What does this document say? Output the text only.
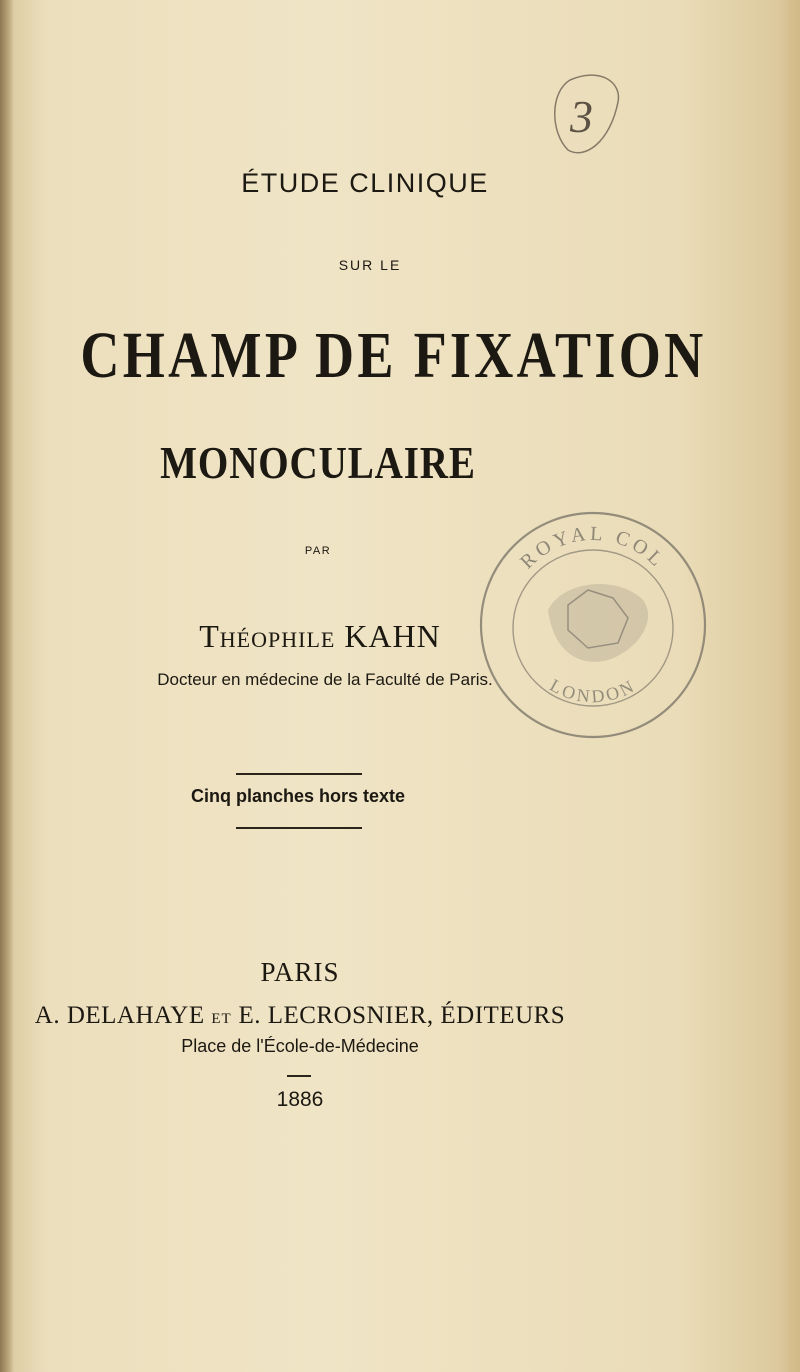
3
ÉTUDE CLINIQUE
SUR LE
CHAMP DE FIXATION
MONOCULAIRE
PAR
Théophile KAHN
Docteur en médecine de la Faculté de Paris.
Cinq planches hors texte
PARIS
A. DELAHAYE ET E. LECROSNIER, ÉDITEURS
Place de l'École-de-Médecine
1886
ROYAL COL
LONDON
